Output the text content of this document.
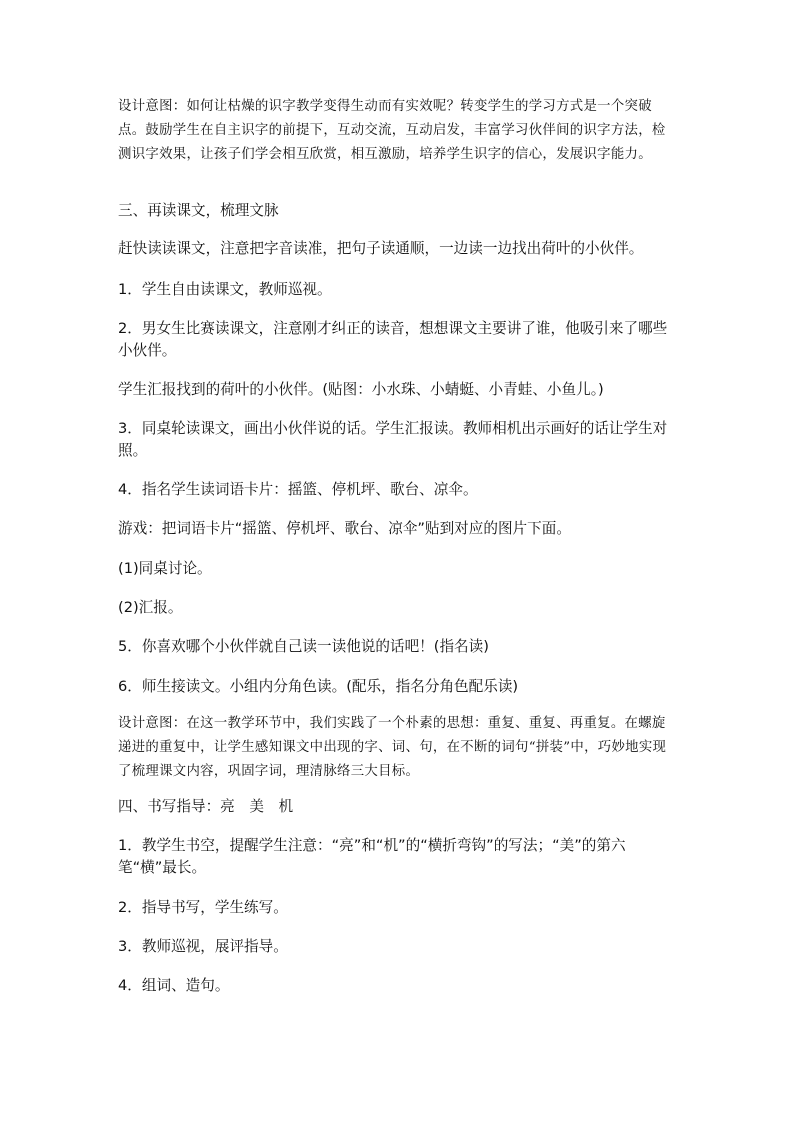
设计意图：如何让枯燥的识字教学变得生动而有实效呢？转变学生的学习方式是一个突破点。鼓励学生在自主识字的前提下，互动交流，互动启发，丰富学习伙伴间的识字方法，检测识字效果，让孩子们学会相互欣赏，相互激励，培养学生识字的信心，发展识字能力。

三、再读课文，梳理文脉

赶快读读课文，注意把字音读准，把句子读通顺，一边读一边找出荷叶的小伙伴。

1．学生自由读课文，教师巡视。

2．男女生比赛读课文，注意刚才纠正的读音，想想课文主要讲了谁，他吸引来了哪些小伙伴。

学生汇报找到的荷叶的小伙伴。(贴图：小水珠、小蜻蜓、小青蛙、小鱼儿。)

3．同桌轮读课文，画出小伙伴说的话。学生汇报读。教师相机出示画好的话让学生对照。

4．指名学生读词语卡片：摇篮、停机坪、歌台、凉伞。

游戏：把词语卡片“摇篮、停机坪、歌台、凉伞”贴到对应的图片下面。

(1)同桌讨论。

(2)汇报。

5．你喜欢哪个小伙伴就自己读一读他说的话吧！(指名读)

6．师生接读文。小组内分角色读。(配乐，指名分角色配乐读)

设计意图：在这一教学环节中，我们实践了一个朴素的思想：重复、重复、再重复。在螺旋递进的重复中，让学生感知课文中出现的字、词、句，在不断的词句“拼装”中，巧妙地实现了梳理课文内容，巩固字词，理清脉络三大目标。

四、书写指导：亮　美　机

1．教学生书空，提醒学生注意：“亮”和“机”的“横折弯钩”的写法；“美”的第六笔“横”最长。

2．指导书写，学生练写。

3．教师巡视，展评指导。

4．组词、造句。
